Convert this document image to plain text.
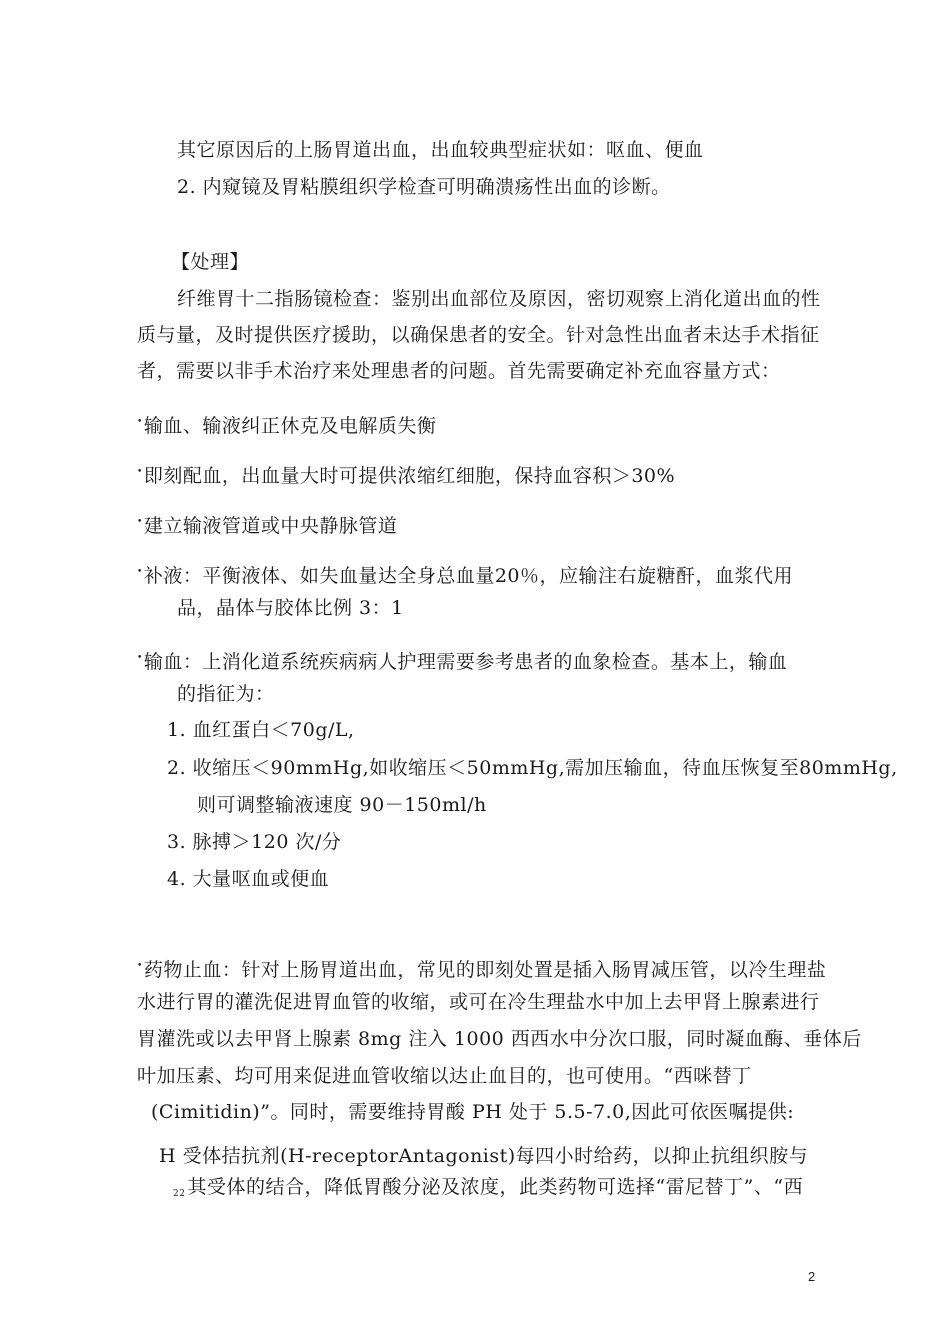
其它原因后的上肠胃道出血，出血较典型症状如：呕血、便血
2. 内窥镜及胃粘膜组织学检查可明确溃疡性出血的诊断。
【处理】
纤维胃十二指肠镜检查：鉴别出血部位及原因，密切观察上消化道出血的性
质与量，及时提供医疗援助，以确保患者的安全。针对急性出血者未达手术指征
者，需要以非手术治疗来处理患者的问题。首先需要确定补充血容量方式：
•输血、输液纠正休克及电解质失衡
•即刻配血，出血量大时可提供浓缩红细胞，保持血容积＞30%
•建立输液管道或中央静脉管道
•补液：平衡液体、如失血量达全身总血量20％，应输注右旋糖酐，血浆代用
品，晶体与胶体比例 3：1
•输血：上消化道系统疾病病人护理需要参考患者的血象检查。基本上，输血
的指征为：
1. 血红蛋白＜70g/L,
2. 收缩压＜90mmHg,如收缩压＜50mmHg,需加压输血，待血压恢复至80mmHg,
则可调整输液速度 90－150ml/h
3. 脉搏＞120 次/分
4. 大量呕血或便血
•药物止血：针对上肠胃道出血，常见的即刻处置是插入肠胃减压管，以冷生理盐
水进行胃的灌洗促进胃血管的收缩，或可在冷生理盐水中加上去甲肾上腺素进行
胃灌洗或以去甲肾上腺素 8mg 注入 1000 西西水中分次口服，同时凝血酶、垂体后
叶加压素、均可用来促进血管收缩以达止血目的，也可使用。“西咪替丁
(Cimitidin)”。同时，需要维持胃酸 PH 处于 5.5-7.0,因此可依医嘱提供:
H 受体拮抗剂(H-receptorAntagonist)每四小时给药，以抑止抗组织胺与
$_{22}$ 其受体的结合，降低胃酸分泌及浓度，此类药物可选择“雷尼替丁”、“西
2
